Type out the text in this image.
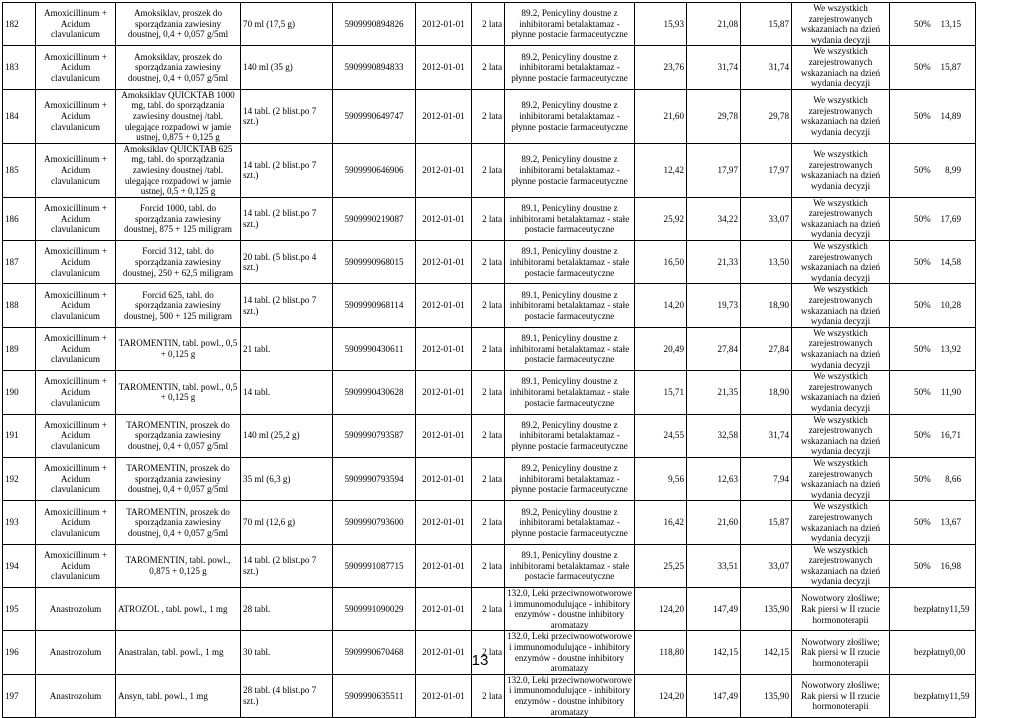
182	Amoxicillinum + Acidum clavulanicum	Amoksiklav, proszek do sporządzania zawiesiny doustnej, 0,4 + 0,057 g/5ml	70 ml (17,5 g)	5909990894826	2012-01-01	2 lata	89.2, Penicyliny doustne z inhibitorami betalaktamaz - płynne postacie farmaceutyczne	15,93	21,08	15,87	We wszystkich zarejestrowanych wskazaniach na dzień wydania decyzji	50% 13,15

183	Amoxicillinum + Acidum clavulanicum	Amoksiklav, proszek do sporządzania zawiesiny doustnej, 0,4 + 0,057 g/5ml	140 ml (35 g)	5909990894833	2012-01-01	2 lata	89.2, Penicyliny doustne z inhibitorami betalaktamaz - płynne postacie farmaceutyczne	23,76	31,74	31,74	We wszystkich zarejestrowanych wskazaniach na dzień wydania decyzji	50% 15,87

184	Amoxicillinum + Acidum clavulanicum	Amoksiklav QUICKTAB 1000 mg, tabl. do sporządzania zawiesiny doustnej /tabl. ulegające rozpadowi w jamie ustnej, 0,875 + 0,125 g	14 tabl. (2 blist.po 7 szt.)	5909990649747	2012-01-01	2 lata	89.2, Penicyliny doustne z inhibitorami betalaktamaz - płynne postacie farmaceutyczne	21,60	29,78	29,78	We wszystkich zarejestrowanych wskazaniach na dzień wydania decyzji	50% 14,89

185	Amoxicillinum + Acidum clavulanicum	Amoksiklav QUICKTAB 625 mg, tabl. do sporządzania zawiesiny doustnej /tabl. ulegające rozpadowi w jamie ustnej, 0,5 + 0,125 g	14 tabl. (2 blist.po 7 szt.)	5909990646906	2012-01-01	2 lata	89.2, Penicyliny doustne z inhibitorami betalaktamaz - płynne postacie farmaceutyczne	12,42	17,97	17,97	We wszystkich zarejestrowanych wskazaniach na dzień wydania decyzji	50% 8,99

186	Amoxicillinum + Acidum clavulanicum	Forcid 1000, tabl. do sporządzania zawiesiny doustnej, 875 + 125 miligram	14 tabl. (2 blist.po 7 szt.)	5909990219087	2012-01-01	2 lata	89.1, Penicyliny doustne z inhibitorami betalaktamaz - stałe postacie farmaceutyczne	25,92	34,22	33,07	We wszystkich zarejestrowanych wskazaniach na dzień wydania decyzji	50% 17,69

187	Amoxicillinum + Acidum clavulanicum	Forcid 312, tabl. do sporządzania zawiesiny doustnej, 250 + 62,5 miligram	20 tabl. (5 blist.po 4 szt.)	5909990968015	2012-01-01	2 lata	89.1, Penicyliny doustne z inhibitorami betalaktamaz - stałe postacie farmaceutyczne	16,50	21,33	13,50	We wszystkich zarejestrowanych wskazaniach na dzień wydania decyzji	50% 14,58

188	Amoxicillinum + Acidum clavulanicum	Forcid 625, tabl. do sporządzania zawiesiny doustnej, 500 + 125 miligram	14 tabl. (2 blist.po 7 szt.)	5909990968114	2012-01-01	2 lata	89.1, Penicyliny doustne z inhibitorami betalaktamaz - stałe postacie farmaceutyczne	14,20	19,73	18,90	We wszystkich zarejestrowanych wskazaniach na dzień wydania decyzji	50% 10,28

189	Amoxicillinum + Acidum clavulanicum	TAROMENTIN, tabl. powl., 0,5 + 0,125 g	21 tabl.	5909990430611	2012-01-01	2 lata	89.1, Penicyliny doustne z inhibitorami betalaktamaz - stałe postacie farmaceutyczne	20,49	27,84	27,84	We wszystkich zarejestrowanych wskazaniach na dzień wydania decyzji	50% 13,92

190	Amoxicillinum + Acidum clavulanicum	TAROMENTIN, tabl. powl., 0,5 + 0,125 g	14 tabl.	5909990430628	2012-01-01	2 lata	89.1, Penicyliny doustne z inhibitorami betalaktamaz - stałe postacie farmaceutyczne	15,71	21,35	18,90	We wszystkich zarejestrowanych wskazaniach na dzień wydania decyzji	50% 11,90

191	Amoxicillinum + Acidum clavulanicum	TAROMENTIN, proszek do sporządzania zawiesiny doustnej, 0,4 + 0,057 g/5ml	140 ml (25,2 g)	5909990793587	2012-01-01	2 lata	89.2, Penicyliny doustne z inhibitorami betalaktamaz - płynne postacie farmaceutyczne	24,55	32,58	31,74	We wszystkich zarejestrowanych wskazaniach na dzień wydania decyzji	50% 16,71

192	Amoxicillinum + Acidum clavulanicum	TAROMENTIN, proszek do sporządzania zawiesiny doustnej, 0,4 + 0,057 g/5ml	35 ml (6,3 g)	5909990793594	2012-01-01	2 lata	89.2, Penicyliny doustne z inhibitorami betalaktamaz - płynne postacie farmaceutyczne	9,56	12,63	7,94	We wszystkich zarejestrowanych wskazaniach na dzień wydania decyzji	50% 8,66

193	Amoxicillinum + Acidum clavulanicum	TAROMENTIN, proszek do sporządzania zawiesiny doustnej, 0,4 + 0,057 g/5ml	70 ml (12,6 g)	5909990793600	2012-01-01	2 lata	89.2, Penicyliny doustne z inhibitorami betalaktamaz - płynne postacie farmaceutyczne	16,42	21,60	15,87	We wszystkich zarejestrowanych wskazaniach na dzień wydania decyzji	50% 13,67

194	Amoxicillinum + Acidum clavulanicum	TAROMENTIN, tabl. powl., 0,875 + 0,125 g	14 tabl. (2 blist.po 7 szt.)	5909991087715	2012-01-01	2 lata	89.1, Penicyliny doustne z inhibitorami betalaktamaz - stałe postacie farmaceutyczne	25,25	33,51	33,07	We wszystkich zarejestrowanych wskazaniach na dzień wydania decyzji	50% 16,98

195	Anastrozolum	ATROZOL , tabl. powl., 1 mg	28 tabl.	5909991090029	2012-01-01	2 lata	132.0, Leki przeciwnowotworowe i immunomodulujące - inhibitory enzymów - doustne inhibitory aromatazy	124,20	147,49	135,90	Nowotwory złośliwe; Rak piersi w II rzucie hormonoterapii	bezpłatny 11,59

196	Anastrozolum	Anastralan, tabl. powl., 1 mg	30 tabl.	5909990670468	2012-01-01	2 lata	132.0, Leki przeciwnowotworowe i immunomodulujące - inhibitory enzymów - doustne inhibitory aromatazy	118,80	142,15	142,15	Nowotwory złośliwe; Rak piersi w II rzucie hormonoterapii	bezpłatny 0,00

197	Anastrozolum	Ansyn, tabl. powl., 1 mg	28 tabl. (4 blist.po 7 szt.)	5909990635511	2012-01-01	2 lata	132.0, Leki przeciwnowotworowe i immunomodulujące - inhibitory enzymów - doustne inhibitory aromatazy	124,20	147,49	135,90	Nowotwory złośliwe; Rak piersi w II rzucie hormonoterapii	bezpłatny 11,59
13
